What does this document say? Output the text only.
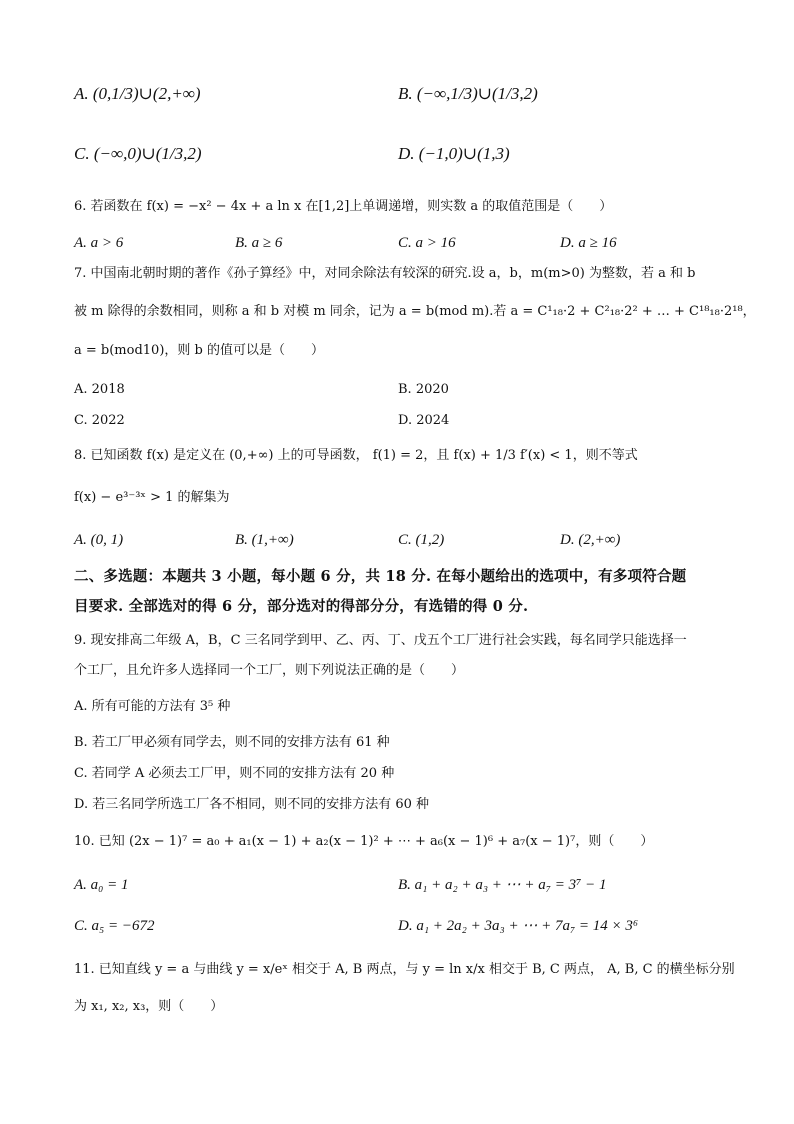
A. (0,1/3)∪(2,+∞)	B. (−∞,1/3)∪(1/3,2)
C. (−∞,0)∪(1/3,2)	D. (−1,0)∪(1,3)
6. 若函数在 f(x) = −x² − 4x + a ln x 在[1,2]上单调递增，则实数 a 的取值范围是（　　）
A. a > 6	B. a ≥ 6	C. a > 16	D. a ≥ 16
7. 中国南北朝时期的著作《孙子算经》中，对同余除法有较深的研究.设 a，b，m(m>0) 为整数，若 a 和 b
被 m 除得的余数相同，则称 a 和 b 对模 m 同余，记为 a = b(mod m).若 a = C¹₁₈·2 + C²₁₈·2² + … + C¹⁸₁₈·2¹⁸，
a = b(mod10)，则 b 的值可以是（　　）
A. 2018	B. 2020
C. 2022	D. 2024
8. 已知函数 f(x) 是定义在 (0,+∞) 上的可导函数， f(1) = 2，且 f(x) + 1/3 f′(x) < 1，则不等式
f(x) − e³⁻³ˣ > 1 的解集为
A. (0, 1)	B. (1,+∞)	C. (1,2)	D. (2,+∞)
二、多选题：本题共 3 小题，每小题 6 分，共 18 分. 在每小题给出的选项中，有多项符合题
目要求. 全部选对的得 6 分，部分选对的得部分分，有选错的得 0 分.
9. 现安排高二年级 A，B，C 三名同学到甲、乙、丙、丁、戊五个工厂进行社会实践，每名同学只能选择一
个工厂，且允许多人选择同一个工厂，则下列说法正确的是（　　）
A. 所有可能的方法有 3⁵ 种
B. 若工厂甲必须有同学去，则不同的安排方法有 61 种
C. 若同学 A 必须去工厂甲，则不同的安排方法有 20 种
D. 若三名同学所选工厂各不相同，则不同的安排方法有 60 种
10. 已知 (2x − 1)⁷ = a₀ + a₁(x − 1) + a₂(x − 1)² + ⋯ + a₆(x − 1)⁶ + a₇(x − 1)⁷，则（　　）
A. a₀ = 1	B. a₁ + a₂ + a₃ + ⋯ + a₇ = 3⁷ − 1
C. a₅ = −672	D. a₁ + 2a₂ + 3a₃ + ⋯ + 7a₇ = 14 × 3⁶
11. 已知直线 y = a 与曲线 y = x/eˣ 相交于 A, B 两点，与 y = ln x/x 相交于 B, C 两点， A, B, C 的横坐标分别
为 x₁, x₂, x₃，则（　　）
